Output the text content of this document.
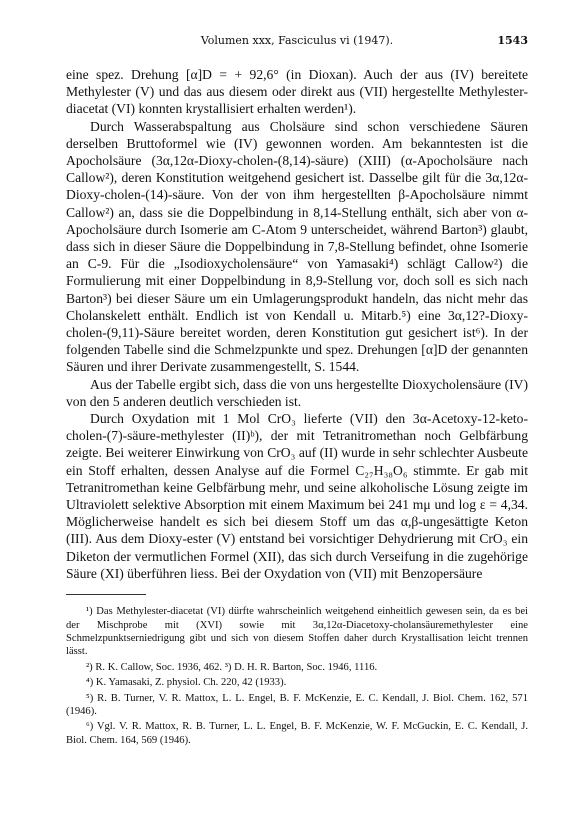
Volumen xxx, Fasciculus vi (1947).	1543

eine spez. Drehung [α]D = + 92,6° (in Dioxan). Auch der aus (IV) bereitete Methylester (V) und das aus diesem oder direkt aus (VII) hergestellte Methylester-diacetat (VI) konnten krystallisiert erhalten werden¹).

Durch Wasserabspaltung aus Cholsäure sind schon verschiedene Säuren derselben Bruttoformel wie (IV) gewonnen worden. Am bekanntesten ist die Apocholsäure (3α,12α-Dioxy-cholen-(8,14)-säure) (XIII) (α-Apocholsäure nach Callow²), deren Konstitution weitgehend gesichert ist. Dasselbe gilt für die 3α,12α-Dioxy-cholen-(14)-säure. Von der von ihm hergestellten β-Apocholsäure nimmt Callow²) an, dass sie die Doppelbindung in 8,14-Stellung enthält, sich aber von α-Apocholsäure durch Isomerie am C-Atom 9 unterscheidet, während Barton³) glaubt, dass sich in dieser Säure die Doppelbindung in 7,8-Stellung befindet, ohne Isomerie an C-9. Für die „Isodioxycholensäure“ von Yamasaki⁴) schlägt Callow²) die Formulierung mit einer Doppelbindung in 8,9-Stellung vor, doch soll es sich nach Barton³) bei dieser Säure um ein Umlagerungsprodukt handeln, das nicht mehr das Cholanskelett enthält. Endlich ist von Kendall u. Mitarb.⁵) eine 3α,12?-Dioxy-cholen-(9,11)-Säure bereitet worden, deren Konstitution gut gesichert ist⁶). In der folgenden Tabelle sind die Schmelzpunkte und spez. Drehungen [α]D der genannten Säuren und ihrer Derivate zusammengestellt, S. 1544.

Aus der Tabelle ergibt sich, dass die von uns hergestellte Dioxycholensäure (IV) von den 5 anderen deutlich verschieden ist.

Durch Oxydation mit 1 Mol CrO₃ lieferte (VII) den 3α-Acetoxy-12-keto-cholen-(7)-säure-methylester (II)ᵇ), der mit Tetranitromethan noch Gelbfärbung zeigte. Bei weiterer Einwirkung von CrO₃ auf (II) wurde in sehr schlechter Ausbeute ein Stoff erhalten, dessen Analyse auf die Formel C₂₇H₃₈O₆ stimmte. Er gab mit Tetranitromethan keine Gelbfärbung mehr, und seine alkoholische Lösung zeigte im Ultraviolett selektive Absorption mit einem Maximum bei 241 mμ und log ε = 4,34. Möglicherweise handelt es sich bei diesem Stoff um das α,β-ungesättigte Keton (III). Aus dem Dioxy-ester (V) entstand bei vorsichtiger Dehydrierung mit CrO₃ ein Diketon der vermutlichen Formel (XII), das sich durch Verseifung in die zugehörige Säure (XI) überführen liess. Bei der Oxydation von (VII) mit Benzopersäure

¹) Das Methylester-diacetat (VI) dürfte wahrscheinlich weitgehend einheitlich gewesen sein, da es bei der Mischprobe mit (XVI) sowie mit 3α,12α-Diacetoxy-cholansäuremethylester eine Schmelzpunktserniedrigung gibt und sich von diesem Stoffen daher durch Krystallisation leicht trennen lässt.

²) R. K. Callow, Soc. 1936, 462. ³) D. H. R. Barton, Soc. 1946, 1116.

⁴) K. Yamasaki, Z. physiol. Ch. 220, 42 (1933).

⁵) R. B. Turner, V. R. Mattox, L. L. Engel, B. F. McKenzie, E. C. Kendall, J. Biol. Chem. 162, 571 (1946).

⁶) Vgl. V. R. Mattox, R. B. Turner, L. L. Engel, B. F. McKenzie, W. F. McGuckin, E. C. Kendall, J. Biol. Chem. 164, 569 (1946).
